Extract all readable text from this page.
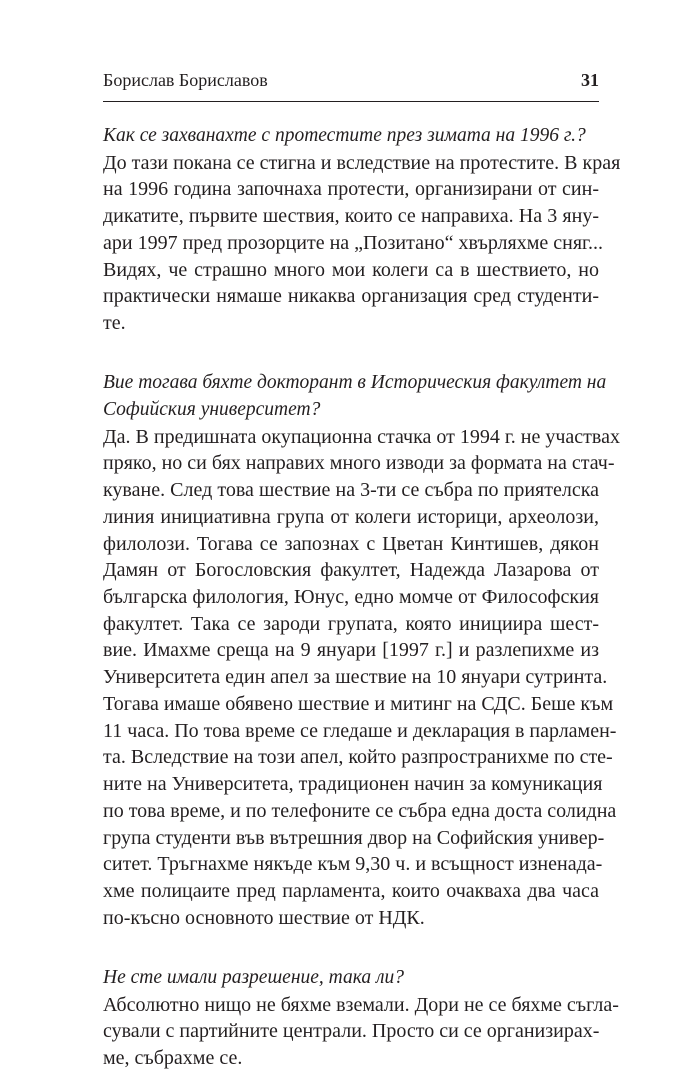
Борислав Бориславов	31
Как се захванахте с протестите през зимата на 1996 г.?
До тази покана се стигна и вследствие на протестите. В края
на 1996 година започнаха протести, организирани от син-
дикатите, първите шествия, които се направиха. На 3 яну-
ари 1997 пред прозорците на „Позитано“ хвърляхме сняг...
Видях, че страшно много мои колеги са в шествието, но
практически нямаше никаква организация сред студенти-
те.
Вие тогава бяхте докторант в Историческия факултет на
Софийския университет?
Да. В предишната окупационна стачка от 1994 г. не участвах
пряко, но си бях направих много изводи за формата на стач-
куване. След това шествие на 3-ти се събра по приятелска
линия инициативна група от колеги историци, археолози,
филолози. Тогава се запознах с Цветан Кинтишев, дякон
Дамян от Богословския факултет, Надежда Лазарова от
българска филология, Юнус, едно момче от Философския
факултет. Така се зароди групата, която инициира шест-
вие. Имахме среща на 9 януари [1997 г.] и разлепихме из
Университета един апел за шествие на 10 януари сутринта.
Тогава имаше обявено шествие и митинг на СДС. Беше към
11 часа. По това време се гледаше и декларация в парламен-
та. Вследствие на този апел, който разпространихме по сте-
ните на Университета, традиционен начин за комуникация
по това време, и по телефоните се събра една доста солидна
група студенти във вътрешния двор на Софийския универ-
ситет. Тръгнахме някъде към 9,30 ч. и всъщност изненада-
хме полицаите пред парламента, които очакваха два часа
по-късно основното шествие от НДК.
Не сте имали разрешение, така ли?
Абсолютно нищо не бяхме вземали. Дори не се бяхме съгла-
сували с партийните централи. Просто си се организирах-
ме, събрахме се.
